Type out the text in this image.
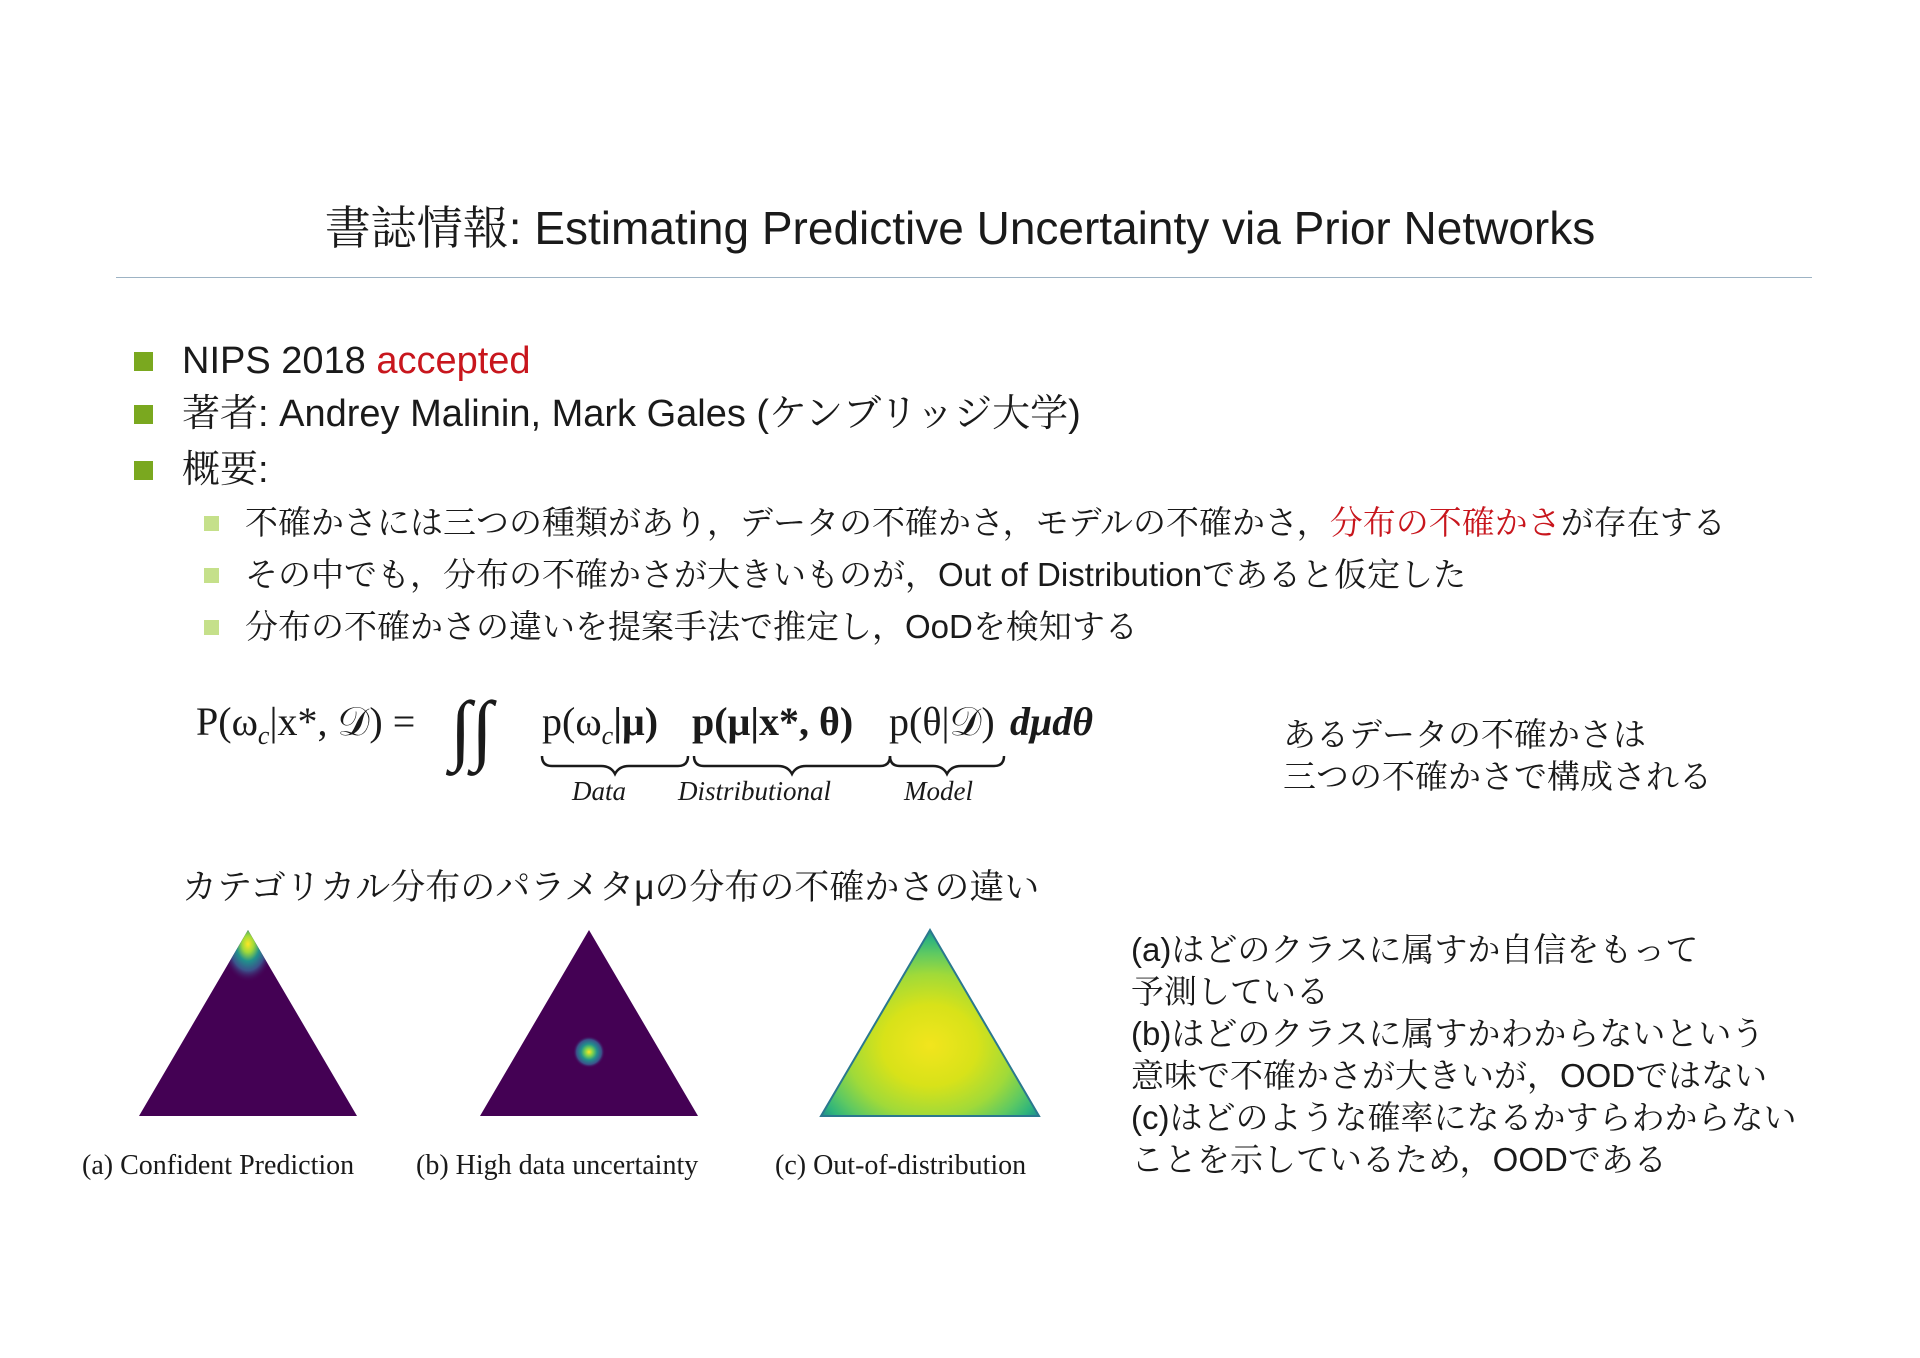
書誌情報: Estimating Predictive Uncertainty via Prior Networks
NIPS 2018 accepted
著者: Andrey Malinin, Mark Gales (ケンブリッジ大学)
概要:
不確かさには三つの種類があり，データの不確かさ，モデルの不確かさ，分布の不確かさが存在する
その中でも，分布の不確かさが大きいものが，Out of Distributionであると仮定した
分布の不確かさの違いを提案手法で推定し，OoDを検知する
$P(\omega_c|x*$, 𝒟) = ∫∫ $p(\omega_c|\mu)$ p(μ|x*, θ) p(θ|𝒟) dμdθ
Data Distributional	Model
あるデータの不確かさは
三つの不確かさで構成される
カテゴリカル分布のパラメタμの分布の不確かさの違い
(a) Confident Prediction (b) High data uncertainty	(c) Out-of-distribution
(a)はどのクラスに属すか自信をもって
予測している
(b)はどのクラスに属すかわからないという
意味で不確かさが大きいが，OODではない
(c)はどのような確率になるかすらわからない
ことを示しているため，OODである
